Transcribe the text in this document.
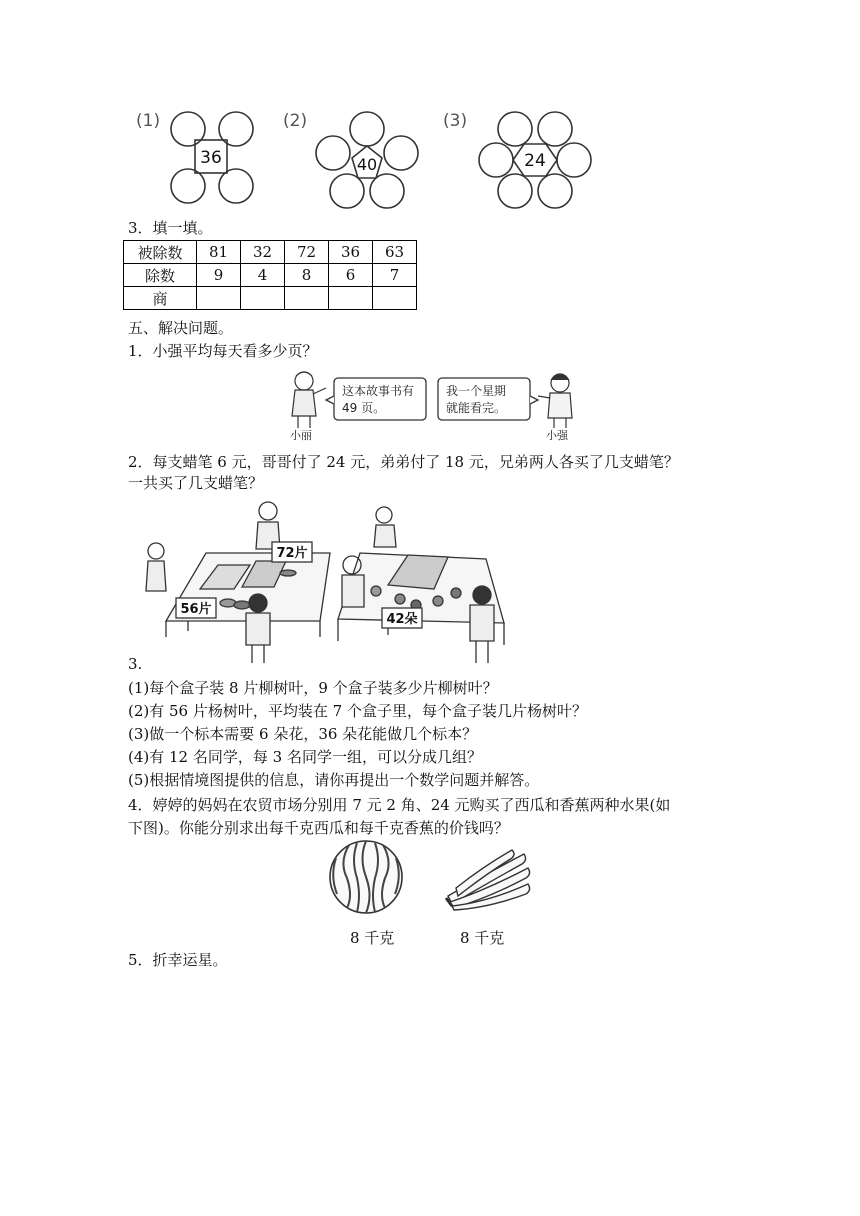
(1)	(2)	(3)
36	40	24
3．填一填。
被除数	81	32	72	36	63
除数	9	4	8	6	7
商					
五、解决问题。
1．小强平均每天看多少页？
这本故事书有
49 页。
我一个星期
就能看完。
小丽	小强
2．每支蜡笔 6 元，哥哥付了 24 元，弟弟付了 18 元，兄弟两人各买了几支蜡笔？
一共买了几支蜡笔？
72片
56片
42朵
3.
(1)每个盒子装 8 片柳树叶，9 个盒子装多少片柳树叶？
(2)有 56 片杨树叶，平均装在 7 个盒子里，每个盒子装几片杨树叶？
(3)做一个标本需要 6 朵花，36 朵花能做几个标本？
(4)有 12 名同学，每 3 名同学一组，可以分成几组？
(5)根据情境图提供的信息，请你再提出一个数学问题并解答。
4．婷婷的妈妈在农贸市场分别用 7 元 2 角、24 元购买了西瓜和香蕉两种水果(如
下图)。你能分别求出每千克西瓜和每千克香蕉的价钱吗？
8 千克	8 千克
5．折幸运星。
